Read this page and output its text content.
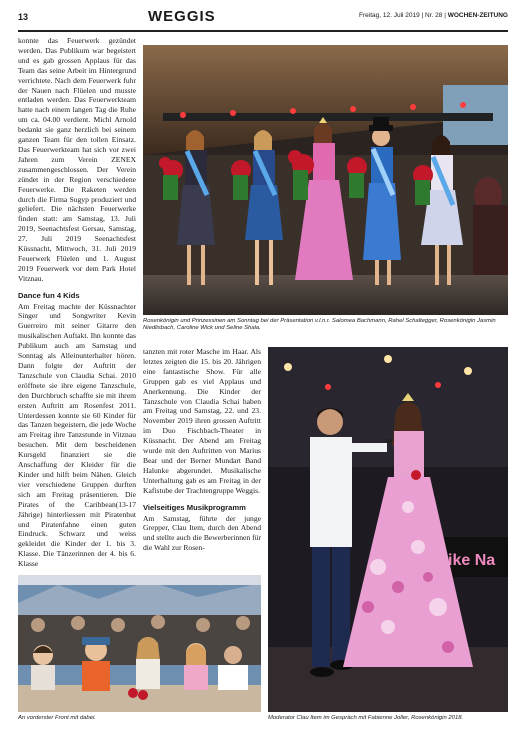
13	WEGGIS	Freitag, 12. Juli 2019 | Nr. 28 | WOCHEN-ZEITUNG

konnte das Feuerwerk gezündet werden. Das Publikum war begeistert und es gab grossen Applaus für das Team das seine Arbeit im Hintergrund verrichtete. Nach dem Feuerwerk fuhr der Nauen nach Flüelen und musste entladen werden. Das Feuerwerkteam hatte nach einem langen Tag die Ruhe um ca. 04.00 verdient. Michl Arnold bedankt sie ganz herzlich bei seinem ganzen Team für den tollen Einsatz. Das Feuerwerkteam hat sich vor zwei Jahren zum Verein ZENEX zusammengeschlossen. Der Verein zündet in der Region verschiedene Feuerwerke. Die Raketen werden durch die Firma Sugyp produziert und geliefert. Die nächsten Feuerwerke finden statt: am Samstag, 13. Juli 2019, Seenachtsfest Gersau, Samstag, 27. Juli 2019 Seenachtsfest Küssnacht, Mittwoch, 31. Juli 2019 Feuerwerk Flüelen und 1. August 2019 Feuerwerk vor dem Park Hotel Vitznau.

Dance fun 4 Kids

Am Freitag machte der Küssnachter Singer und Songwriter Kevin Guerreiro mit seiner Gitarre den musikalischen Auftakt. Ihn konnte das Publikum auch am Samstag und Sonntag als Alleinunterhalter hören. Dann folgte der Auftritt der Tanzschule von Claudia Schai. 2010 eröffnete sie ihre eigene Tanzschule, den Durchbruch schaffte sie mit ihrem ersten Auftritt am Rosenfest 2011. Unterdessen konnte sie 60 Kinder für das Tanzen begeistern, die jede Woche am Freitag ihre Tanzstunde in Vitznau besuchen. Mit dem bescheidenen Kursgeld finanziert sie die Anschaffung der Kleider für die Kinder und hilft beim Nähen. Gleich vier verschiedene Gruppen durften sich am Freitag präsentieren. Die Pirates of the Caribbean(13-17 Jährige) hinterliessen mit Piratenhut und Piratenfahne einen guten Eindruck. Schwarz und weiss gekleidet die Kinder der 1. bis 3. Klasse. Die Tänzerinnen der 4. bis 6. Klasse

Rosenkönigin und Prinzessinen am Sonntag bei der Präsentation v.l.n.r. Salomea Bachmann, Rahel Schaltegger, Rosenkönigin Jasmin Niedlisbach, Caroline Wick und Seline Shala.

tanzten mit roter Masche im Haar. Als letztes zeigten die 15. bis 20. Jährigen eine fantastische Show. Für alle Gruppen gab es viel Applaus und Anerkennung. Die Kinder der Tanzschule von Claudia Schai haben am Freitag und Samstag, 22. und 23. November 2019 ihren grossen Auftritt im Duo Fischbach-Theater in Küssnacht. Der Abend am Freitag wurde mit den Auftritten von Marius Bear und der Berner Mundart Band Halunke abgerundet. Musikalische Unterhaltung gab es am Freitag in der Kafistube der Trachtengruppe Weggis.

Vielseitiges Musikprogramm

Am Samstag, führte der junge Grepper, Clau Item, durch den Abend und stellte auch die Bewerberinnen für die Wahl zur Rosen-

ike Na
Moderator Clau Item im Gespräch mit Fabienne Joller, Rosenkönigin 2018.
An vorderster Front mit dabei.
